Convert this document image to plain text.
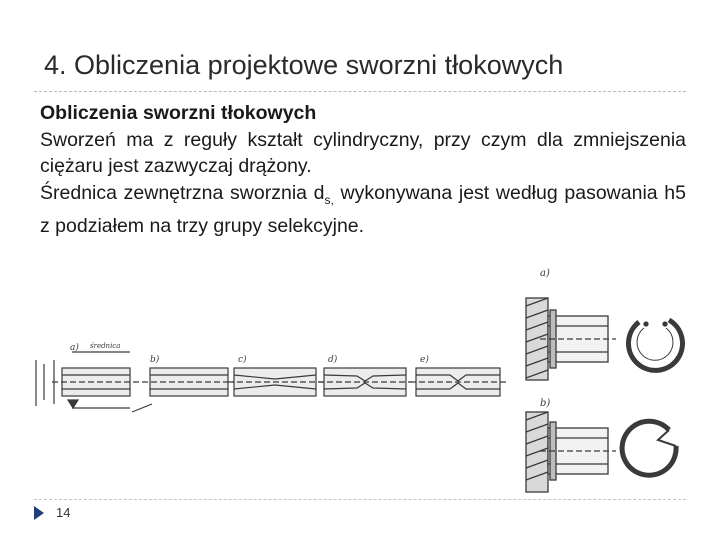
4. Obliczenia projektowe sworzni tłokowych

Obliczenia sworzni tłokowych

Sworzeń ma z reguły kształt cylindryczny, przy czym dla zmniejszenia ciężaru jest zazwyczaj drążony.

Średnica zewnętrzna sworznia $d_{s,}$ wykonywana jest według pasowania h5 z podziałem na trzy grupy selekcyjne.

a) średnica
b)	c)	d)	e)
a)
b)
14
